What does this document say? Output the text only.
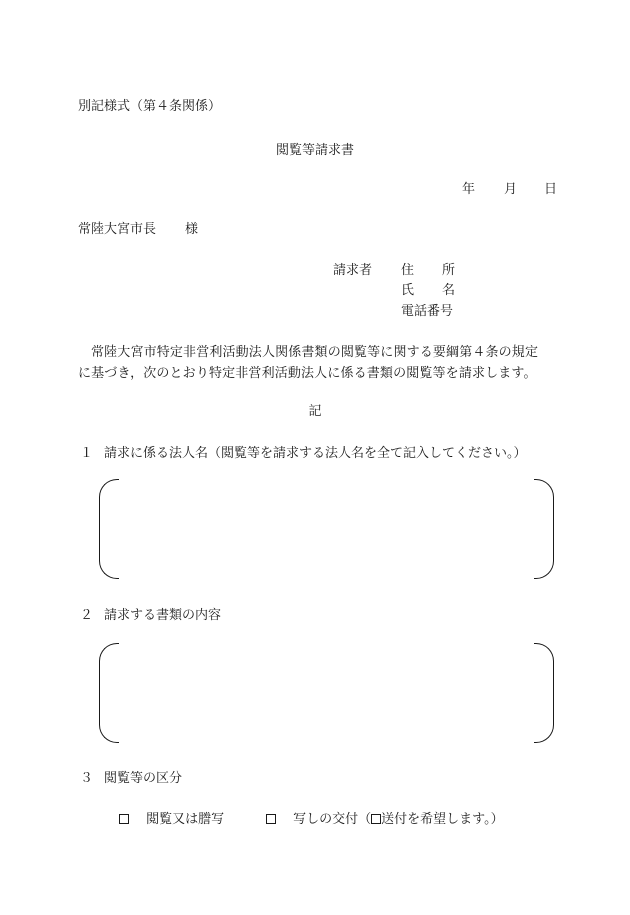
別記様式（第４条関係）
閲覧等請求書
年 月 日
常陸大宮市長 様
請求者 住 所
氏 名
電話番号
常陸大宮市特定非営利活動法人関係書類の閲覧等に関する要綱第４条の規定
に基づき，次のとおり特定非営利活動法人に係る書類の閲覧等を請求します。
記
１ 請求に係る法人名（閲覧等を請求する法人名を全て記入してください。）
２ 請求する書類の内容
３ 閲覧等の区分
閲覧又は謄写	写しの交付（ 送付を希望します。）
